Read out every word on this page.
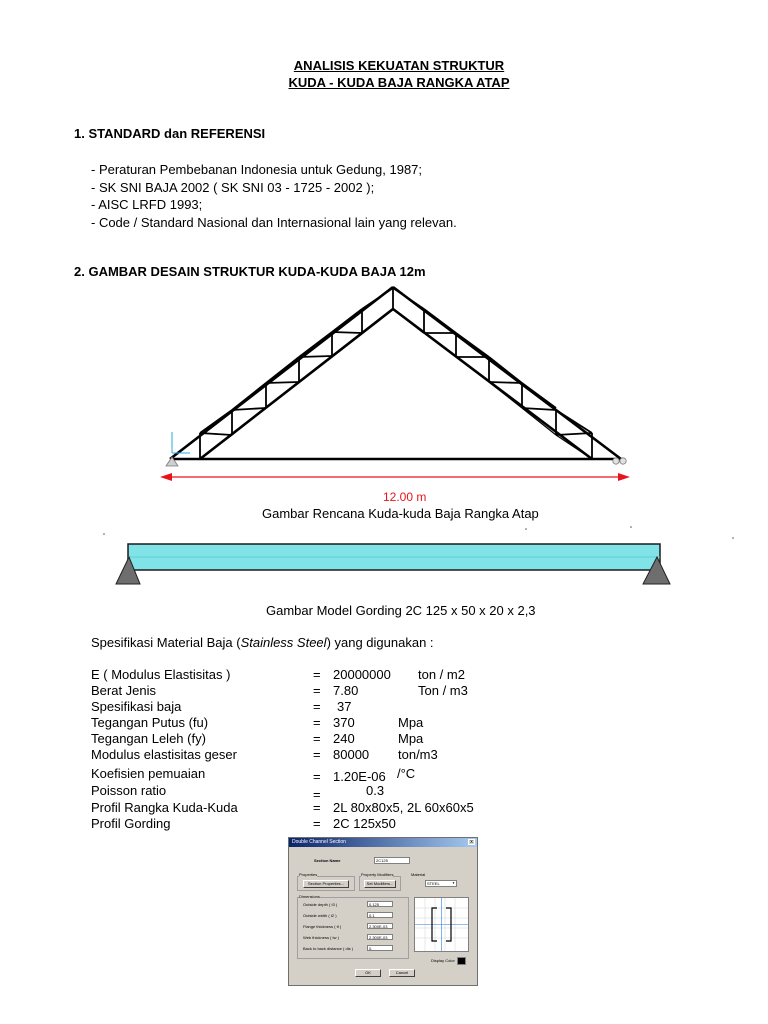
ANALISIS KEKUATAN STRUKTUR
KUDA - KUDA BAJA RANGKA ATAP
1. STANDARD dan REFERENSI
- Peraturan Pembebanan Indonesia untuk Gedung, 1987;
- SK SNI BAJA 2002 ( SK SNI 03 - 1725 - 2002 );
- AISC LRFD 1993;
- Code / Standard Nasional dan Internasional lain yang relevan.
2. GAMBAR DESAIN STRUKTUR KUDA-KUDA BAJA 12m
12.00 m
Gambar Rencana Kuda-kuda Baja Rangka Atap
Gambar Model Gording 2C 125 x 50 x 20 x 2,3
Spesifikasi Material Baja (Stainless Steel) yang digunakan :
E ( Modulus Elastisitas )	= 20000000 ton / m2
Berat Jenis	= 7.80	Ton / m3
Spesifikasi baja	= 37
Tegangan Putus (fu)	= 370	Mpa
Tegangan Leleh (fy)	= 240	Mpa
Modulus elastisitas geser	= 80000 ton/m3
Koefisien pemuaian	= 1.20E-06 /°C
Poisson ratio	=	0.3
Profil Rangka Kuda-Kuda	= 2L 80x80x5, 2L 60x60x5
Profil Gording	= 2C 125x50
Double Channel Section	x
Section Name	2C125
Properties
Section Properties...
Property Modifiers
Set Modifiers...
Material
STEEL	▼
Dimensions
Outside depth ( t3 )	0.125
Outside width ( t2 )	0.1
Flange thickness ( tf )	2.300E-03
Web thickness ( tw )	2.300E-03
Back to back distance ( dis )	0.
Display Color
OK	Cancel
